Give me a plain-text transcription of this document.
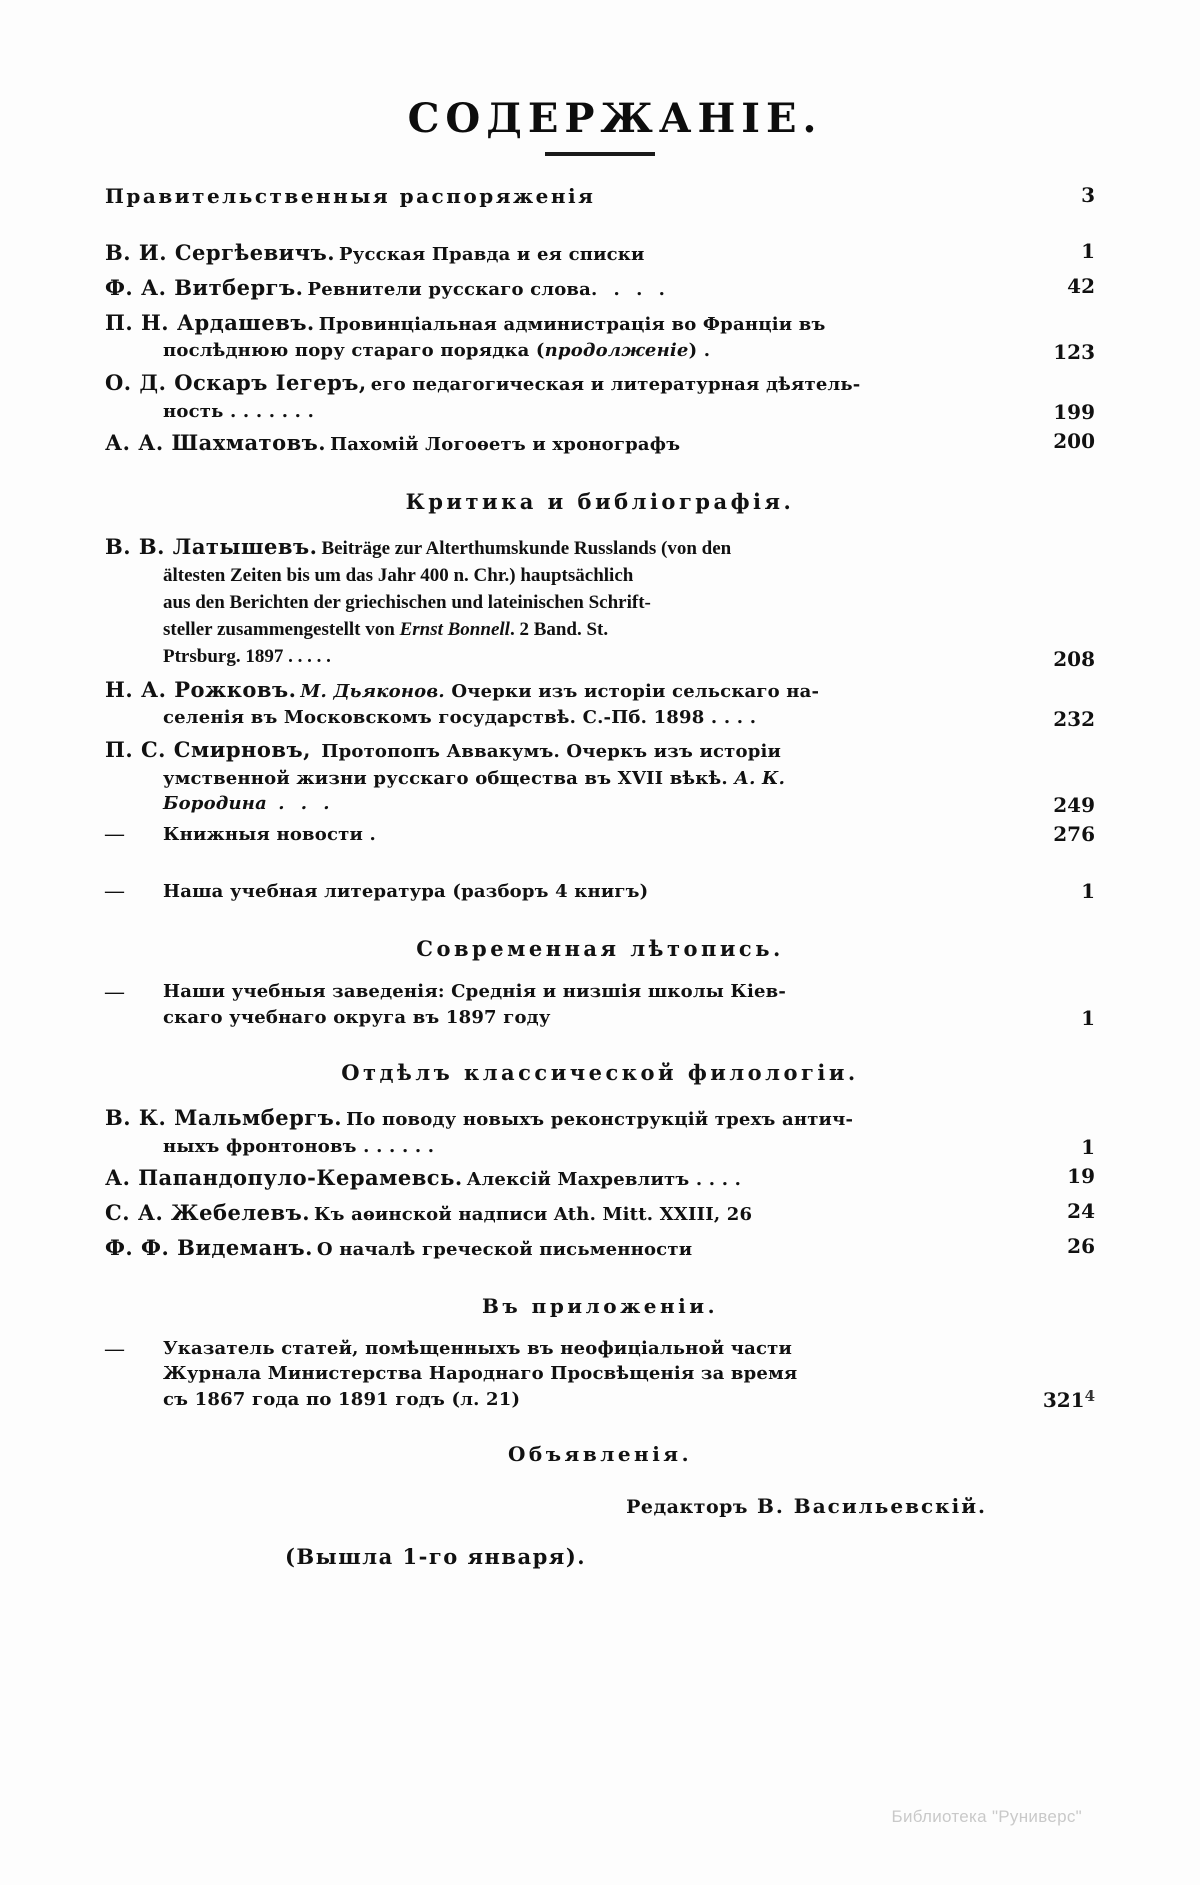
СОДЕРЖАНІЕ.
Правительственныя распоряженія	3
В. И. Сергѣевичъ. Русская Правда и ея списки	1
Ф. А. Витбергъ. Ревнители русскаго слова. . . .	42
П. Н. Ардашевъ. Провинціальная администрація во Франціи въ
послѣднюю пору стараго порядка (продолженіе) .	123
О. Д. Оскаръ Іегеръ, его педагогическая и литературная дѣятель-
ность . . . . . . .	199
А. А. Шахматовъ. Пахомій Логоѳетъ и хронографъ	200
Критика и библіографія.
В. В. Латышевъ. Beiträge zur Alterthumskunde Russlands (von den
ältesten Zeiten bis um das Jahr 400 n. Chr.) hauptsächlich
aus den Berichten der griechischen und lateinischen Schrift-
steller zusammengestellt von Ernst Bonnell. 2 Band. St.
Ptrsburg. 1897 . . . . .	208
Н. А. Рожковъ. М. Дьяконов. Очерки изъ исторіи сельскаго на-
селенія въ Московскомъ государствѣ. С.-Пб. 1898 . . . .	232
П. С. Смирновъ, Протопопъ Аввакумъ. Очеркъ изъ исторіи
умственной жизни русскаго общества въ XVII вѣкѣ. А. К.
Бородина . . .	249
— Книжныя новости .	276
— Наша учебная литература (разборъ 4 книгъ)	1
Современная лѣтопись.
— Наши учебныя заведенія: Среднія и низшія школы Кіев-
скаго учебнаго округа въ 1897 году	1
Отдѣлъ классической филологіи.
В. К. Мальмбергъ. По поводу новыхъ реконструкцій трехъ антич-
ныхъ фронтоновъ . . . . . .	1
А. Папандопуло-Керамевсь. Алексій Махревлитъ . . . .	19
С. А. Жебелевъ. Къ аѳинской надписи Ath. Mitt. XXIII, 26	24
Ф. Ф. Видеманъ. О началѣ греческой письменности	26
Въ приложеніи.
— Указатель статей, помѣщенныхъ въ неофиціальной части
Журнала Министерства Народнаго Просвѣщенія за время
съ 1867 года по 1891 годъ (л. 21)	$321^4$
Объявленія.
Редакторъ В. Васильевскій.
(Вышла 1-го января).
Библиотека "Руниверс"
